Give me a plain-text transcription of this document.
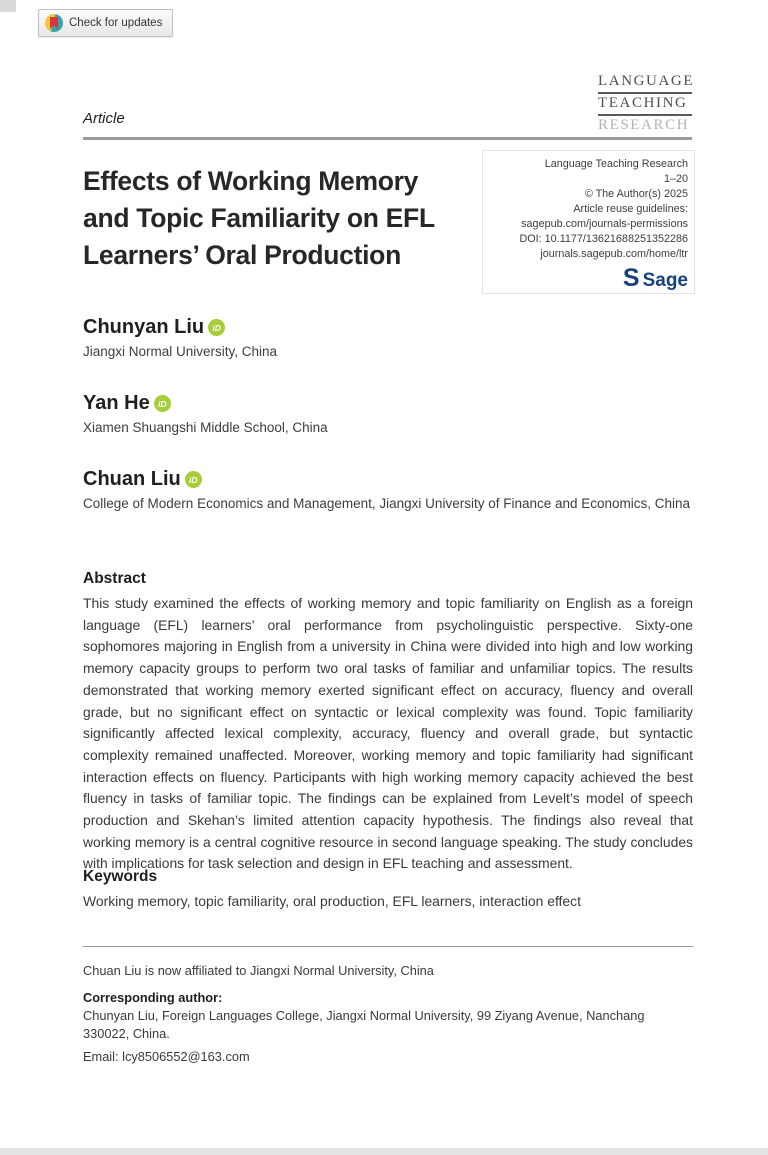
Check for updates
LANGUAGE
TEACHING
RESEARCH
Article
Effects of Working Memory
and Topic Familiarity on EFL
Learners’ Oral Production
Language Teaching Research
1–20
© The Author(s) 2025
Article reuse guidelines:
sagepub.com/journals-permissions
DOI: 10.1177/13621688251352286
journals.sagepub.com/home/ltr
S Sage
Chunyan Liu iD
Jiangxi Normal University, China
Yan He iD
Xiamen Shuangshi Middle School, China
Chuan Liu iD
College of Modern Economics and Management, Jiangxi University of Finance and Economics, China
Abstract
This study examined the effects of working memory and topic familiarity on English as a foreign language (EFL) learners’ oral performance from psycholinguistic perspective. Sixty-one sophomores majoring in English from a university in China were divided into high and low working memory capacity groups to perform two oral tasks of familiar and unfamiliar topics. The results demonstrated that working memory exerted significant effect on accuracy, fluency and overall grade, but no significant effect on syntactic or lexical complexity was found. Topic familiarity significantly affected lexical complexity, accuracy, fluency and overall grade, but syntactic complexity remained unaffected. Moreover, working memory and topic familiarity had significant interaction effects on fluency. Participants with high working memory capacity achieved the best fluency in tasks of familiar topic. The findings can be explained from Levelt’s model of speech production and Skehan’s limited attention capacity hypothesis. The findings also reveal that working memory is a central cognitive resource in second language speaking. The study concludes with implications for task selection and design in EFL teaching and assessment.
Keywords
Working memory, topic familiarity, oral production, EFL learners, interaction effect
Chuan Liu is now affiliated to Jiangxi Normal University, China
Corresponding author:
Chunyan Liu, Foreign Languages College, Jiangxi Normal University, 99 Ziyang Avenue, Nanchang 330022, China.
Email: lcy8506552@163.com
